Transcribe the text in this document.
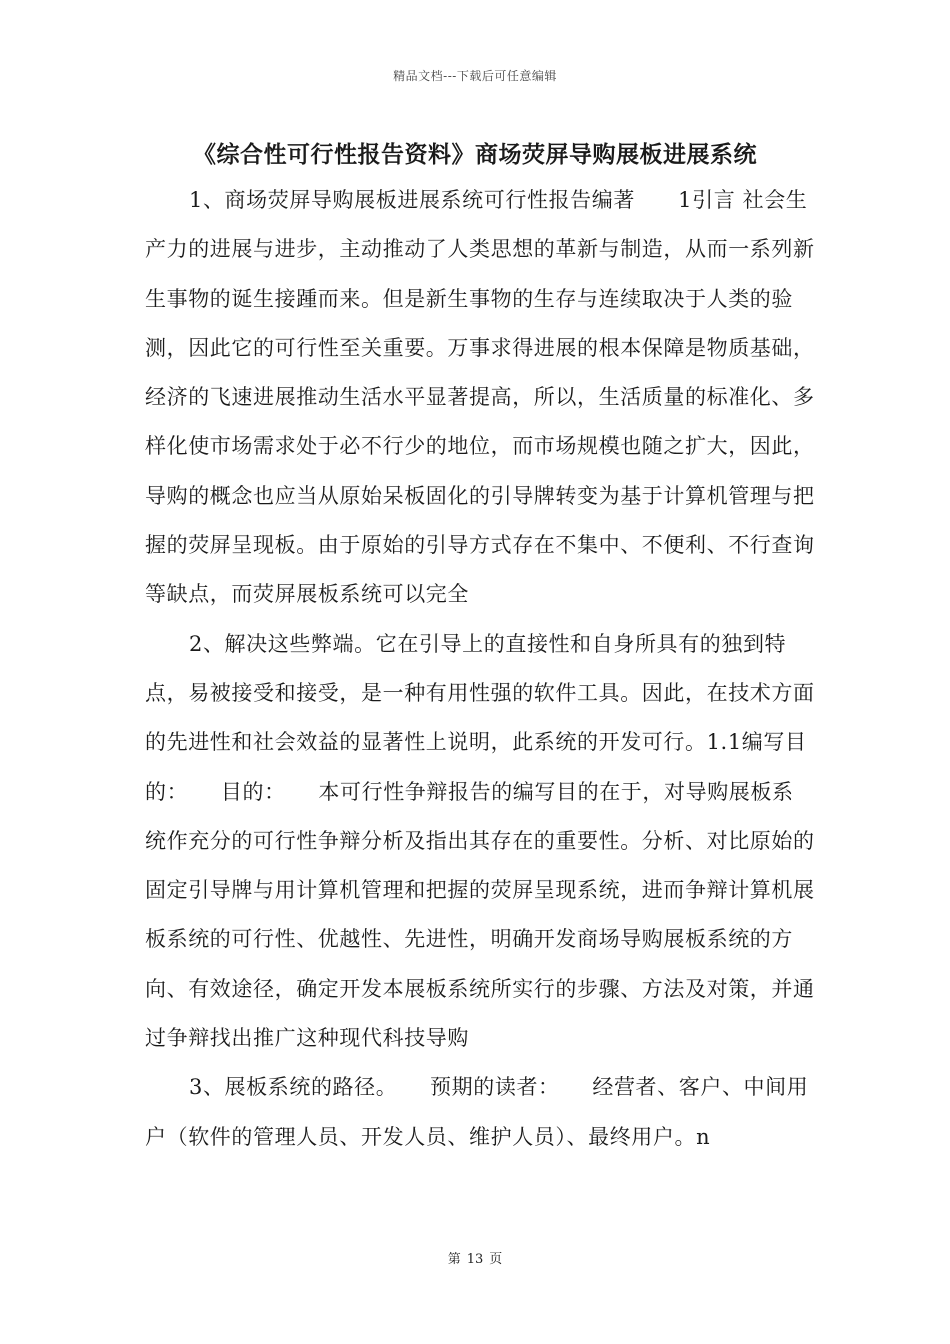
精品文档---下载后可任意编辑
《综合性可行性报告资料》商场荧屏导购展板进展系统

1、商场荧屏导购展板进展系统可行性报告编著　　1引言 社会生产力的进展与进步，主动推动了人类思想的革新与制造，从而一系列新生事物的诞生接踵而来。但是新生事物的生存与连续取决于人类的验测，因此它的可行性至关重要。万事求得进展的根本保障是物质基础，经济的飞速进展推动生活水平显著提高，所以，生活质量的标准化、多样化使市场需求处于必不行少的地位，而市场规模也随之扩大，因此，导购的概念也应当从原始呆板固化的引导牌转变为基于计算机管理与把握的荧屏呈现板。由于原始的引导方式存在不集中、不便利、不行查询等缺点，而荧屏展板系统可以完全

2、解决这些弊端。它在引导上的直接性和自身所具有的独到特点，易被接受和接受，是一种有用性强的软件工具。因此，在技术方面的先进性和社会效益的显著性上说明，此系统的开发可行。1.1编写目的：　　目的：　　本可行性争辩报告的编写目的在于，对导购展板系统作充分的可行性争辩分析及指出其存在的重要性。分析、对比原始的固定引导牌与用计算机管理和把握的荧屏呈现系统，进而争辩计算机展板系统的可行性、优越性、先进性，明确开发商场导购展板系统的方向、有效途径，确定开发本展板系统所实行的步骤、方法及对策，并通过争辩找出推广这种现代科技导购

3、展板系统的路径。　　预期的读者：　　经营者、客户、中间用户（软件的管理人员、开发人员、维护人员）、最终用户。n

第 13 页
